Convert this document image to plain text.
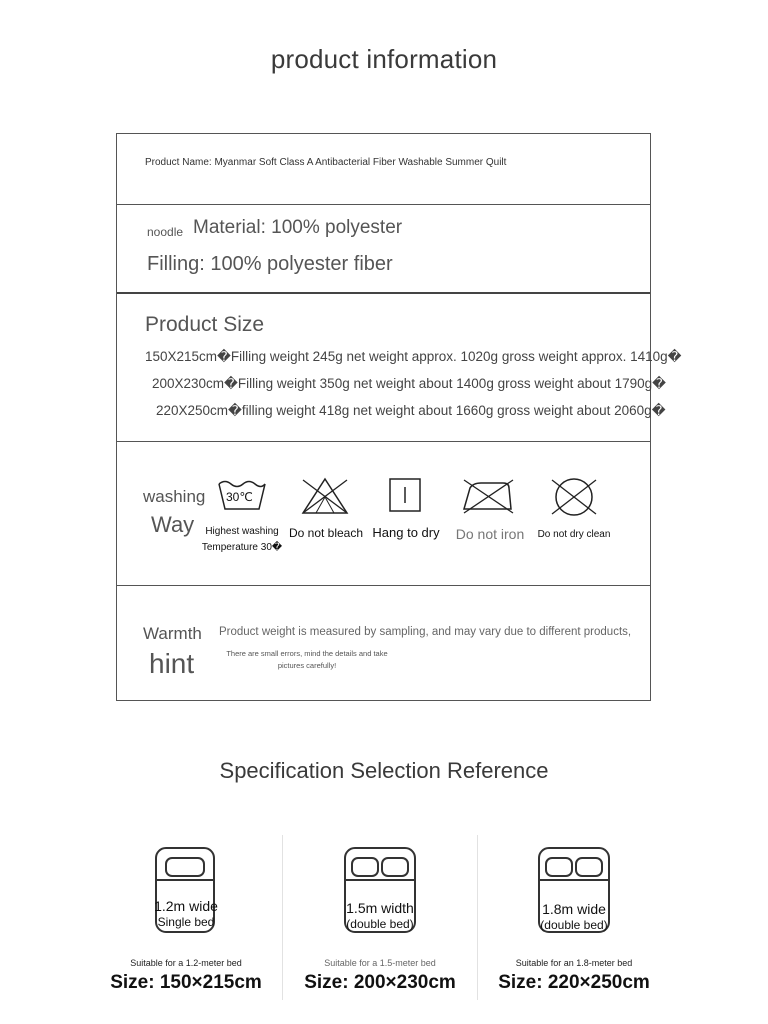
product information
Product Name: Myanmar Soft Class A Antibacterial Fiber Washable Summer Quilt
noodle Material: 100% polyester
Filling: 100% polyester fiber
Product Size
150X215cm�Filling weight 245g net weight approx. 1020g gross weight approx. 1410g�
200X230cm�Filling weight 350g net weight about 1400g gross weight about 1790g�
220X250cm�filling weight 418g net weight about 1660g gross weight about 2060g�
washing
Way
30℃
Highest washing
Temperature 30�
Do not bleach Hang to dry	Do not iron	Do not dry clean
Warmth
hint
Product weight is measured by sampling, and may vary due to different products,
There are small errors, mind the details and take pictures carefully!
Specification Selection Reference
1.2m wide
Single bed
Suitable for a 1.2-meter bed
Size: 150×215cm
1.5m width
(double bed)
Suitable for a 1.5-meter bed
Size: 200×230cm
1.8m wide
(double bed)
Suitable for an 1.8-meter bed
Size: 220×250cm
